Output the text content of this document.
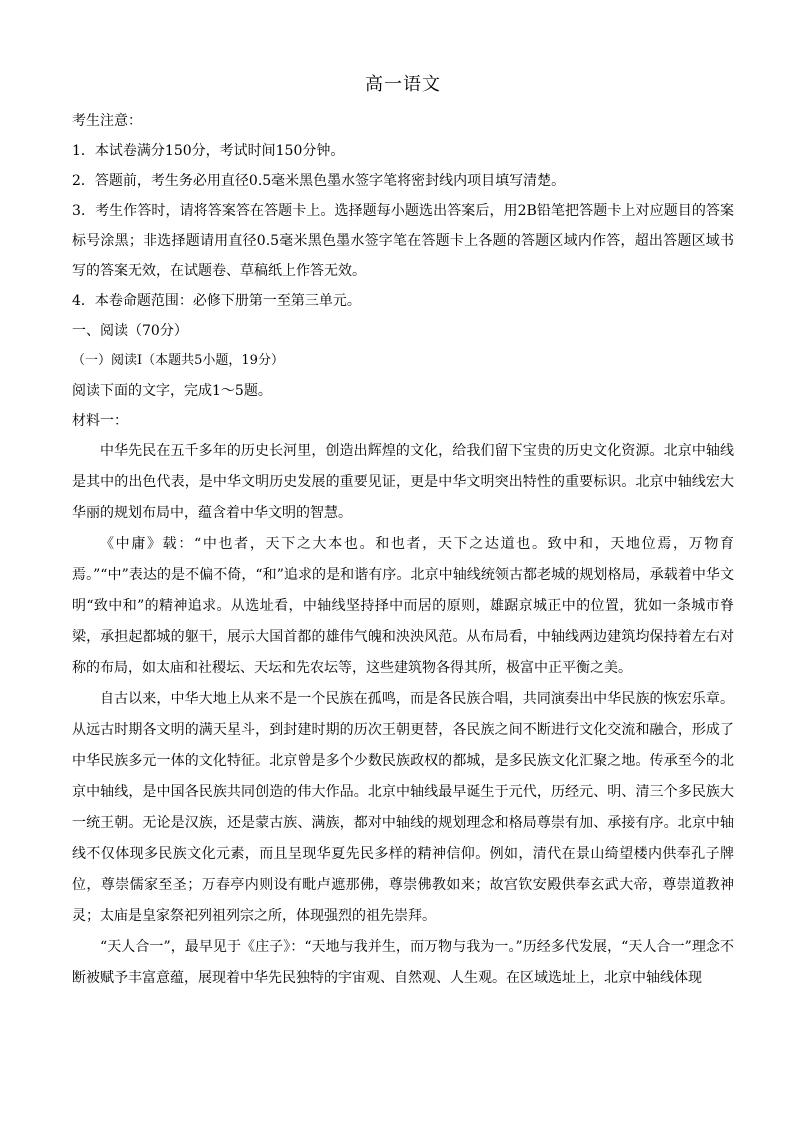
高一语文
考生注意：
1．本试卷满分150分，考试时间150分钟。
2．答题前，考生务必用直径0.5毫米黑色墨水签字笔将密封线内项目填写清楚。
3．考生作答时，请将答案答在答题卡上。选择题每小题选出答案后，用2B铅笔把答题卡上对应题目的答案标号涂黑；非选择题请用直径0.5毫米黑色墨水签字笔在答题卡上各题的答题区域内作答，超出答题区域书写的答案无效，在试题卷、草稿纸上作答无效。
4．本卷命题范围：必修下册第一至第三单元。
一、阅读（70分）
（一）阅读Ⅰ（本题共5小题，19分）
阅读下面的文字，完成1～5题。
材料一：

中华先民在五千多年的历史长河里，创造出辉煌的文化，给我们留下宝贵的历史文化资源。北京中轴线是其中的出色代表，是中华文明历史发展的重要见证，更是中华文明突出特性的重要标识。北京中轴线宏大华丽的规划布局中，蕴含着中华文明的智慧。

《中庸》载：“中也者，天下之大本也。和也者，天下之达道也。致中和，天地位焉，万物育焉。”“中”表达的是不偏不倚，“和”追求的是和谐有序。北京中轴线统领古都老城的规划格局，承载着中华文明“致中和”的精神追求。从选址看，中轴线坚持择中而居的原则，雄踞京城正中的位置，犹如一条城市脊梁，承担起都城的躯干，展示大国首都的雄伟气魄和泱泱风范。从布局看，中轴线两边建筑均保持着左右对称的布局，如太庙和社稷坛、天坛和先农坛等，这些建筑物各得其所，极富中正平衡之美。

自古以来，中华大地上从来不是一个民族在孤鸣，而是各民族合唱，共同演奏出中华民族的恢宏乐章。从远古时期各文明的满天星斗，到封建时期的历次王朝更替，各民族之间不断进行文化交流和融合，形成了中华民族多元一体的文化特征。北京曾是多个少数民族政权的都城，是多民族文化汇聚之地。传承至今的北京中轴线，是中国各民族共同创造的伟大作品。北京中轴线最早诞生于元代，历经元、明、清三个多民族大一统王朝。无论是汉族，还是蒙古族、满族，都对中轴线的规划理念和格局尊崇有加、承接有序。北京中轴线不仅体现多民族文化元素，而且呈现华夏先民多样的精神信仰。例如，清代在景山绮望楼内供奉孔子牌位，尊崇儒家至圣；万春亭内则设有毗卢遮那佛，尊崇佛教如来；故宫钦安殿供奉玄武大帝，尊崇道教神灵；太庙是皇家祭祀列祖列宗之所，体现强烈的祖先崇拜。

“天人合一”，最早见于《庄子》：“天地与我并生，而万物与我为一。”历经多代发展，“天人合一”理念不断被赋予丰富意蕴，展现着中华先民独特的宇宙观、自然观、人生观。在区域选址上，北京中轴线体现
